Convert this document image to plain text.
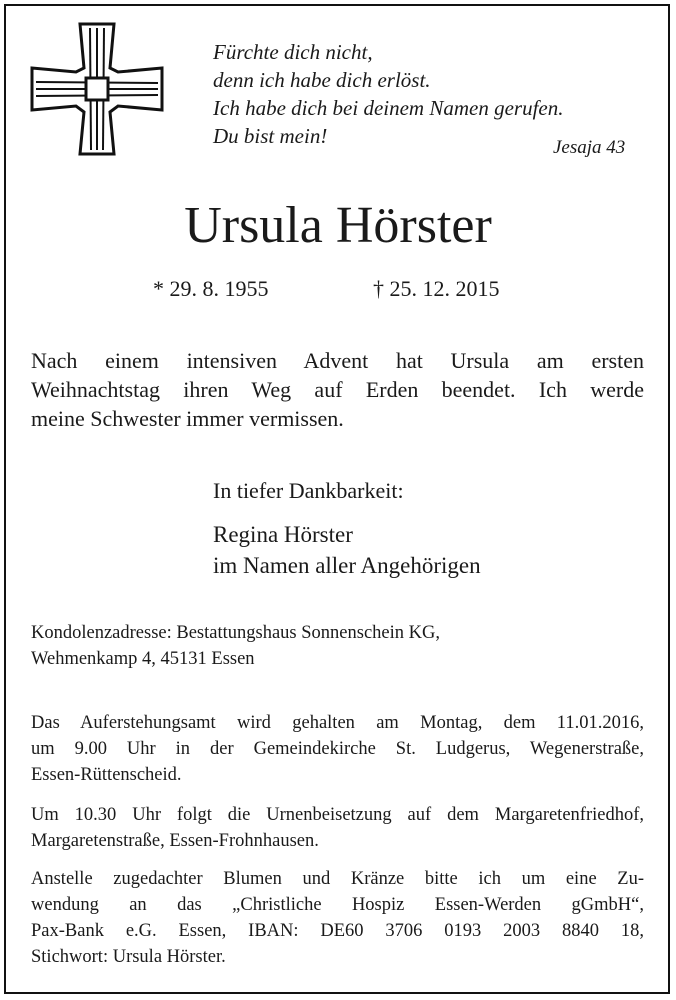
Fürchte dich nicht,
denn ich habe dich erlöst.
Ich habe dich bei deinem Namen gerufen.
Du bist mein!	Jesaja 43
Ursula Hörster
* 29. 8. 1955	† 25. 12. 2015
Nach einem intensiven Advent hat Ursula am ersten
Weihnachtstag ihren Weg auf Erden beendet. Ich werde
meine Schwester immer vermissen.
In tiefer Dankbarkeit:
Regina Hörster
im Namen aller Angehörigen
Kondolenzadresse: Bestattungshaus Sonnenschein KG,
Wehmenkamp 4, 45131 Essen
Das Auferstehungsamt wird gehalten am Montag, dem 11.01.2016,
um 9.00 Uhr in der Gemeindekirche St. Ludgerus, Wegenerstraße,
Essen-Rüttenscheid.
Um 10.30 Uhr folgt die Urnenbeisetzung auf dem Margaretenfriedhof,
Margaretenstraße, Essen-Frohnhausen.
Anstelle zugedachter Blumen und Kränze bitte ich um eine Zu-
wendung an das „Christliche Hospiz Essen-Werden gGmbH“,
Pax-Bank e.G. Essen, IBAN: DE60 3706 0193 2003 8840 18,
Stichwort: Ursula Hörster.
